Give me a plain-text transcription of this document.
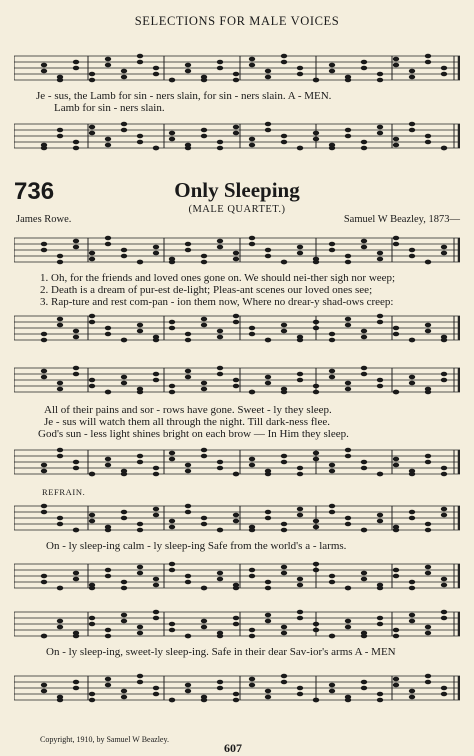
SELECTIONS FOR MALE VOICES
Je - sus, the Lamb for sin - ners slain, for sin - ners slain. A - MEN.
Lamb for sin - ners slain.
736	Only Sleeping
(MALE QUARTET.)
James Rowe.	Samuel W Beazley, 1873—
1. Oh, for the friends and loved ones gone on. We should nei-ther sigh nor weep;
2. Death is a dream of pur-est de-light; Pleas-ant scenes our loved ones see;
3. Rap-ture and rest com-pan - ion them now, Where no drear-y shad-ows creep:
All of their pains and sor - rows have gone. Sweet - ly they sleep.
Je - sus will watch them all through the night. Till dark-ness flee.
God's sun - less light shines bright on each brow — In Him they sleep.
REFRAIN.
On - ly sleep-ing calm - ly sleep-ing Safe from the world's a - larms.
On - ly sleep-ing, sweet-ly sleep-ing. Safe in their dear Sav-ior's arms A - MEN
Copyright, 1910, by Samuel W Beazley.
607
